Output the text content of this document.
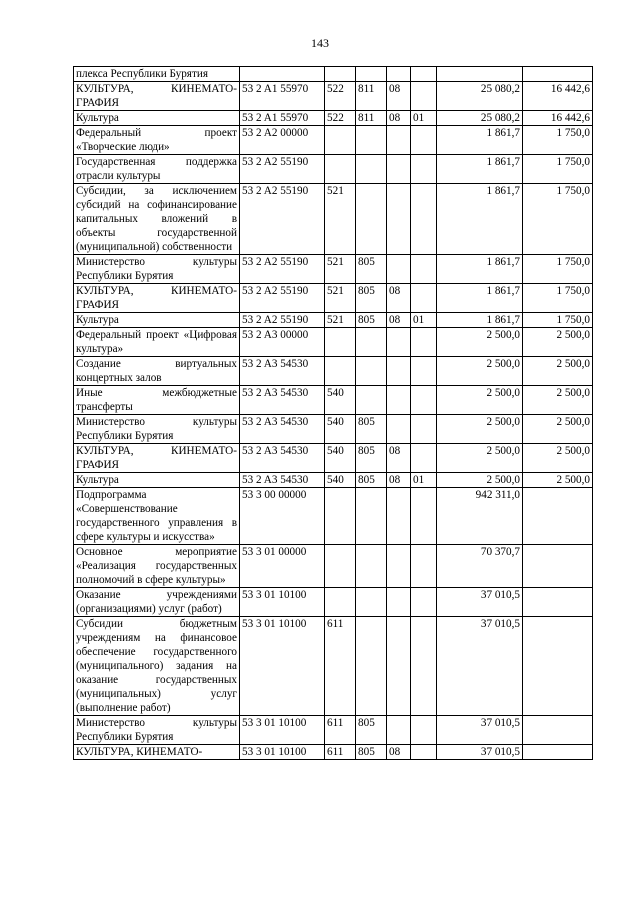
143
плекса Республики Бурятия							
КУЛЬТУРА, КИНЕМАТО-ГРАФИЯ	53 2 A1 55970	522	811	08		25 080,2	16 442,6
Культура	53 2 A1 55970	522	811	08	01	25 080,2	16 442,6
Федеральный проект «Творческие люди»	53 2 A2 00000					1 861,7	1 750,0
Государственная поддержка отрасли культуры	53 2 A2 55190					1 861,7	1 750,0
Субсидии, за исключением субсидий на софинансирование капитальных вложений в объекты государственной (муниципальной) собственности	53 2 A2 55190	521				1 861,7	1 750,0
Министерство культуры Республики Бурятия	53 2 A2 55190	521	805			1 861,7	1 750,0
КУЛЬТУРА, КИНЕМАТО-ГРАФИЯ	53 2 A2 55190	521	805	08		1 861,7	1 750,0
Культура	53 2 A2 55190	521	805	08	01	1 861,7	1 750,0
Федеральный проект «Цифровая культура»	53 2 A3 00000					2 500,0	2 500,0
Создание виртуальных концертных залов	53 2 A3 54530					2 500,0	2 500,0
Иные межбюджетные трансферты	53 2 A3 54530	540				2 500,0	2 500,0
Министерство культуры Республики Бурятия	53 2 A3 54530	540	805			2 500,0	2 500,0
КУЛЬТУРА, КИНЕМАТО-ГРАФИЯ	53 2 A3 54530	540	805	08		2 500,0	2 500,0
Культура	53 2 A3 54530	540	805	08	01	2 500,0	2 500,0
Подпрограмма «Совершенствование государственного управления в сфере культуры и искусства»	53 3 00 00000					942 311,0	
Основное мероприятие «Реализация государственных полномочий в сфере культуры»	53 3 01 00000					70 370,7	
Оказание учреждениями (организациями) услуг (работ)	53 3 01 10100					37 010,5	
Субсидии бюджетным учреждениям на финансовое обеспечение государственного (муниципального) задания на оказание государственных (муниципальных) услуг (выполнение работ)	53 3 01 10100	611				37 010,5	
Министерство культуры Республики Бурятия	53 3 01 10100	611	805			37 010,5	
КУЛЬТУРА, КИНЕМАТО-	53 3 01 10100	611	805	08		37 010,5	
